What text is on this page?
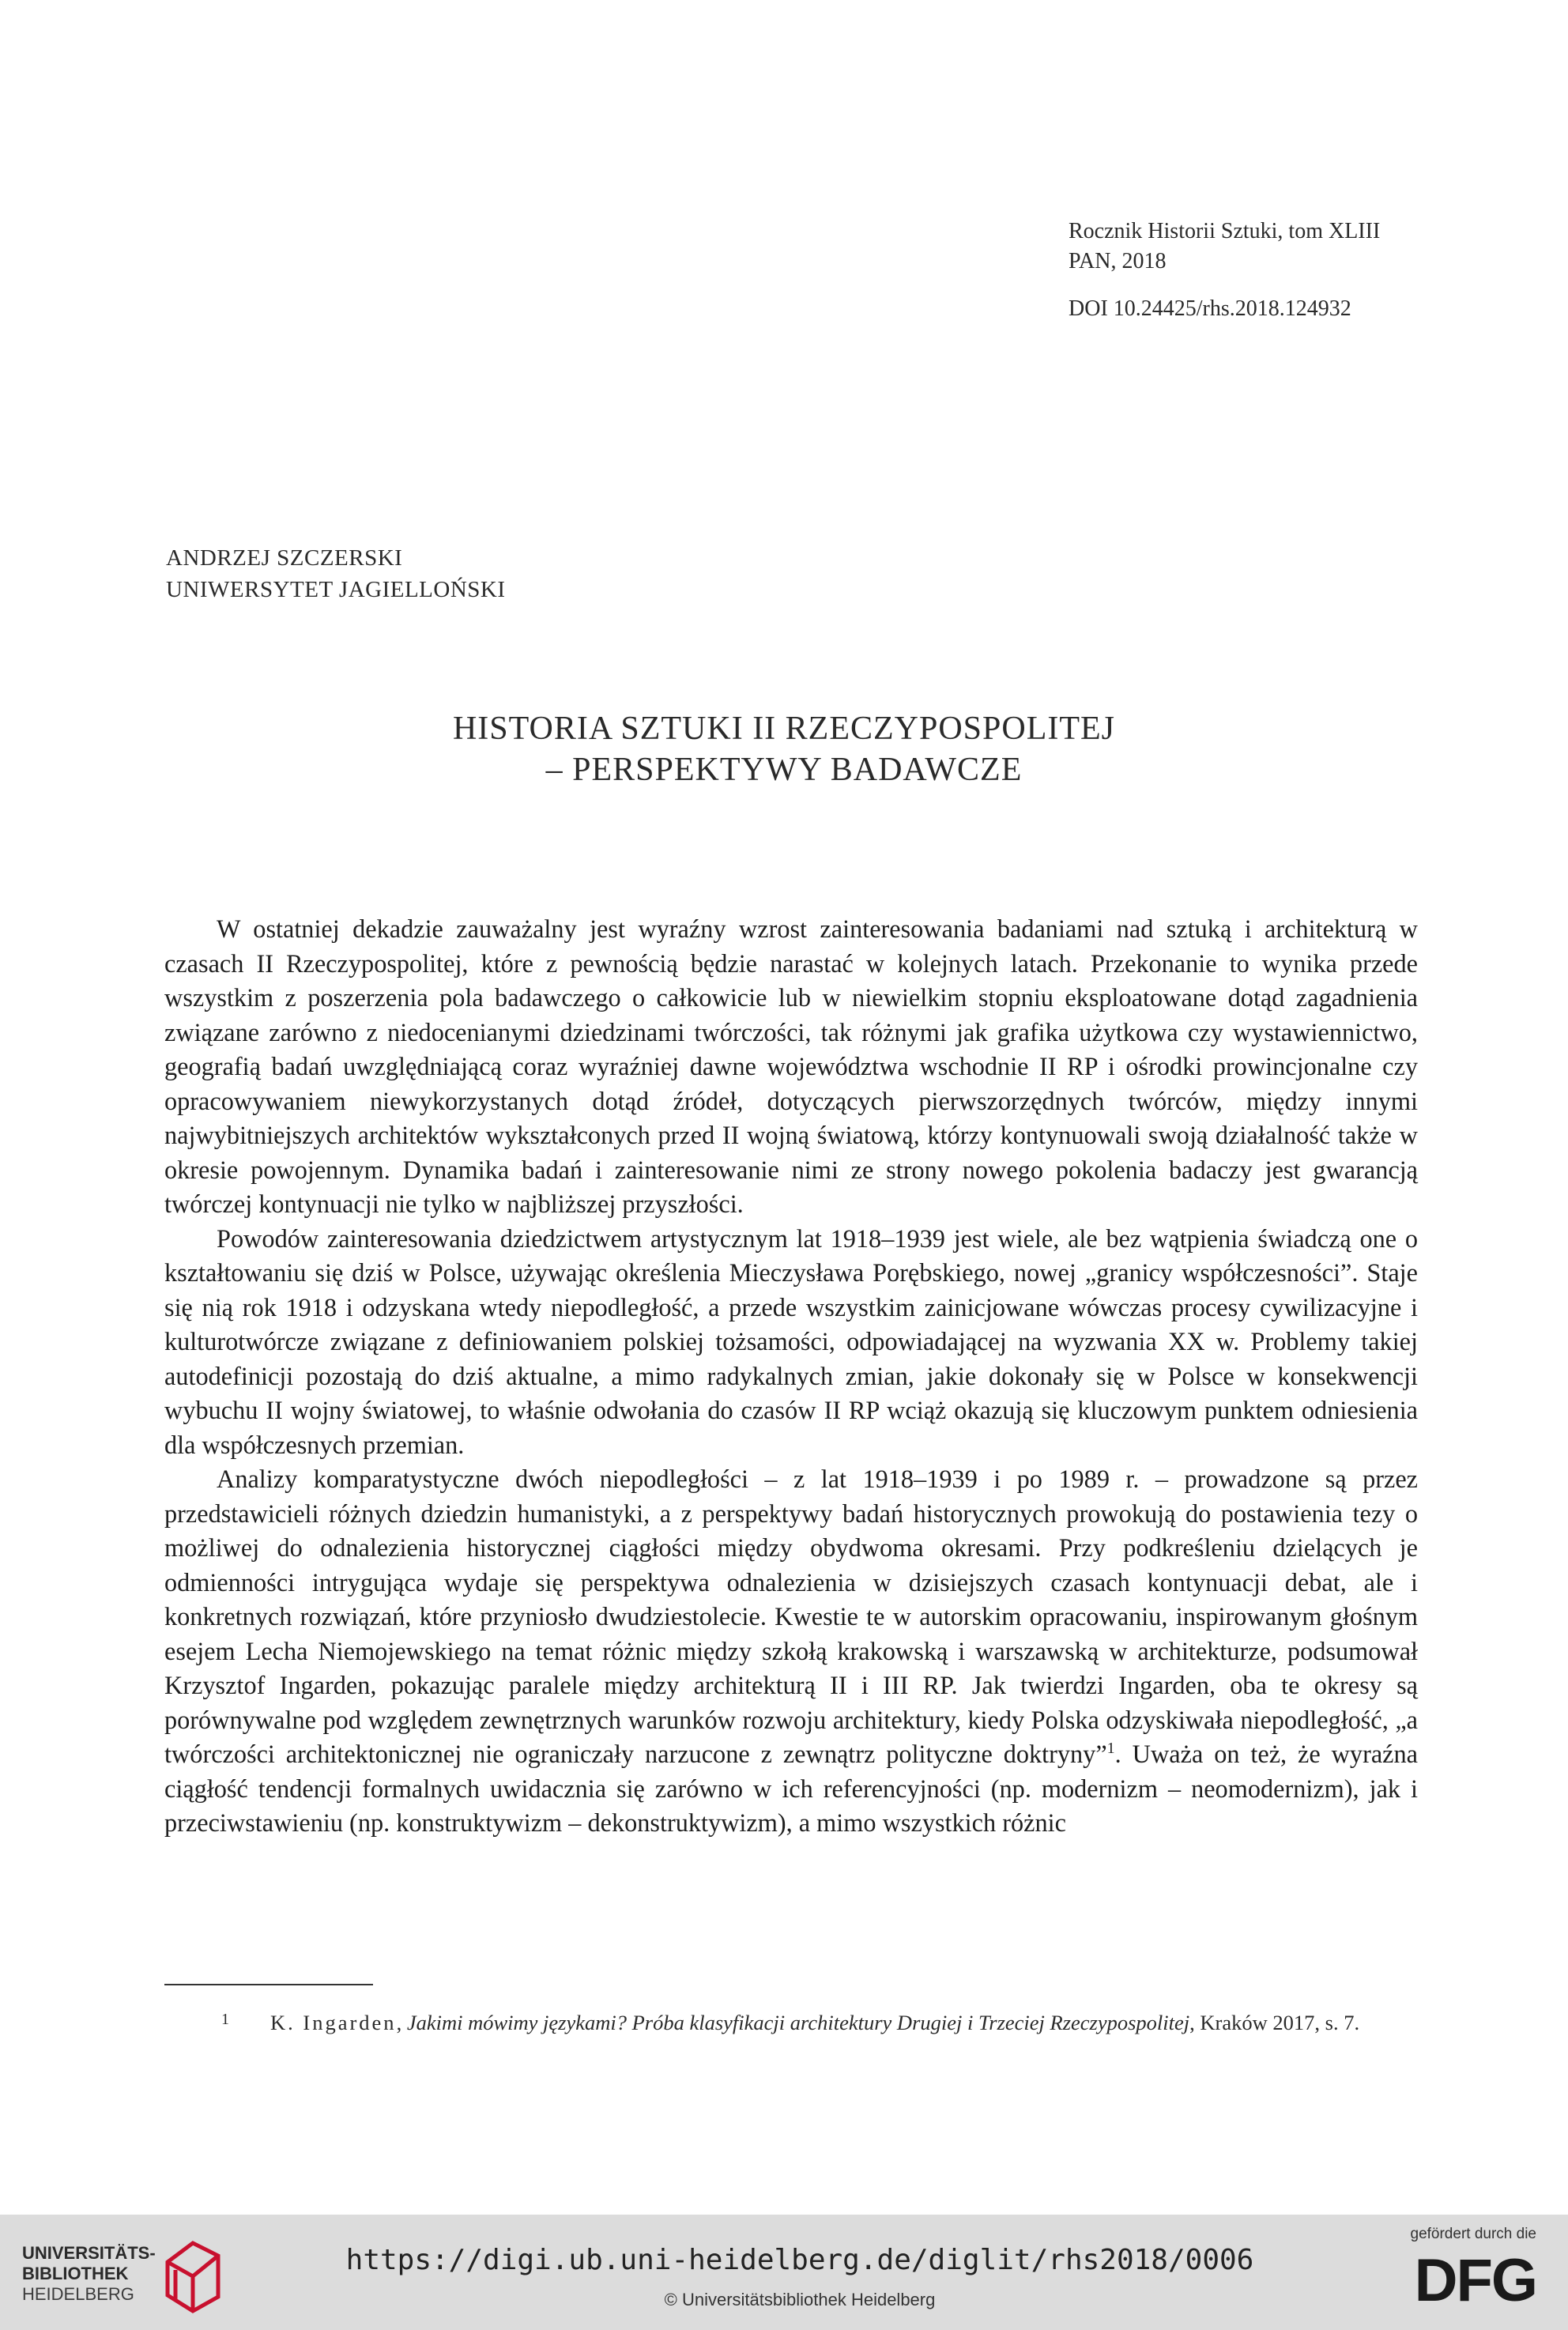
Rocznik Historii Sztuki, tom XLIII
PAN, 2018
DOI 10.24425/rhs.2018.124932
ANDRZEJ SZCZERSKI
UNIWERSYTET JAGIELLOŃSKI
HISTORIA SZTUKI II RZECZYPOSPOLITEJ
– PERSPEKTYWY BADAWCZE

W ostatniej dekadzie zauważalny jest wyraźny wzrost zainteresowania badaniami nad sztuką i architekturą w czasach II Rzeczypospolitej, które z pewnością będzie narastać w kolejnych latach. Przekonanie to wynika przede wszystkim z poszerzenia pola badawczego o całkowicie lub w niewielkim stopniu eksploatowane dotąd zagadnienia związane zarówno z niedocenianymi dziedzinami twórczości, tak różnymi jak grafika użytkowa czy wystawiennictwo, geografią badań uwzględniającą coraz wyraźniej dawne województwa wschodnie II RP i ośrodki prowincjonalne czy opracowywaniem niewykorzystanych dotąd źródeł, dotyczących pierwszorzędnych twórców, między innymi najwybitniejszych architektów wykształconych przed II wojną światową, którzy kontynuowali swoją działalność także w okresie powojennym. Dynamika badań i zainteresowanie nimi ze strony nowego pokolenia badaczy jest gwarancją twórczej kontynuacji nie tylko w najbliższej przyszłości.

Powodów zainteresowania dziedzictwem artystycznym lat 1918–1939 jest wiele, ale bez wątpienia świadczą one o kształtowaniu się dziś w Polsce, używając określenia Mieczysława Porębskiego, nowej „granicy współczesności”. Staje się nią rok 1918 i odzyskana wtedy niepodległość, a przede wszystkim zainicjowane wówczas procesy cywilizacyjne i kulturotwórcze związane z definiowaniem polskiej tożsamości, odpowiadającej na wyzwania XX w. Problemy takiej autodefinicji pozostają do dziś aktualne, a mimo radykalnych zmian, jakie dokonały się w Polsce w konsekwencji wybuchu II wojny światowej, to właśnie odwołania do czasów II RP wciąż okazują się kluczowym punktem odniesienia dla współczesnych przemian.

Analizy komparatystyczne dwóch niepodległości – z lat 1918–1939 i po 1989 r. – prowadzone są przez przedstawicieli różnych dziedzin humanistyki, a z perspektywy badań historycznych prowokują do postawienia tezy o możliwej do odnalezienia historycznej ciągłości między obydwoma okresami. Przy podkreśleniu dzielących je odmienności intrygująca wydaje się perspektywa odnalezienia w dzisiejszych czasach kontynuacji debat, ale i konkretnych rozwiązań, które przyniosło dwudziestolecie. Kwestie te w autorskim opracowaniu, inspirowanym głośnym esejem Lecha Niemojewskiego na temat różnic między szkołą krakowską i warszawską w architekturze, podsumował Krzysztof Ingarden, pokazując paralele między architekturą II i III RP. Jak twierdzi Ingarden, oba te okresy są porównywalne pod względem zewnętrznych warunków rozwoju architektury, kiedy Polska odzyskiwała niepodległość, „a twórczości architektonicznej nie ograniczały narzucone z zewnątrz polityczne doktryny”$^1$. Uważa on też, że wyraźna ciągłość tendencji formalnych uwidacznia się zarówno w ich referencyjności (np. modernizm – neomodernizm), jak i przeciwstawieniu (np. konstruktywizm – dekonstruktywizm), a mimo wszystkich różnic

1 K. Ingarden, Jakimi mówimy językami? Próba klasyfikacji architektury Drugiej i Trzeciej Rzeczypospolitej, Kraków 2017, s. 7.
UNIVERSITÄTS-
BIBLIOTHEK
HEIDELBERG
https://digi.ub.uni-heidelberg.de/diglit/rhs2018/0006
© Universitätsbibliothek Heidelberg
gefördert durch die
DFG
